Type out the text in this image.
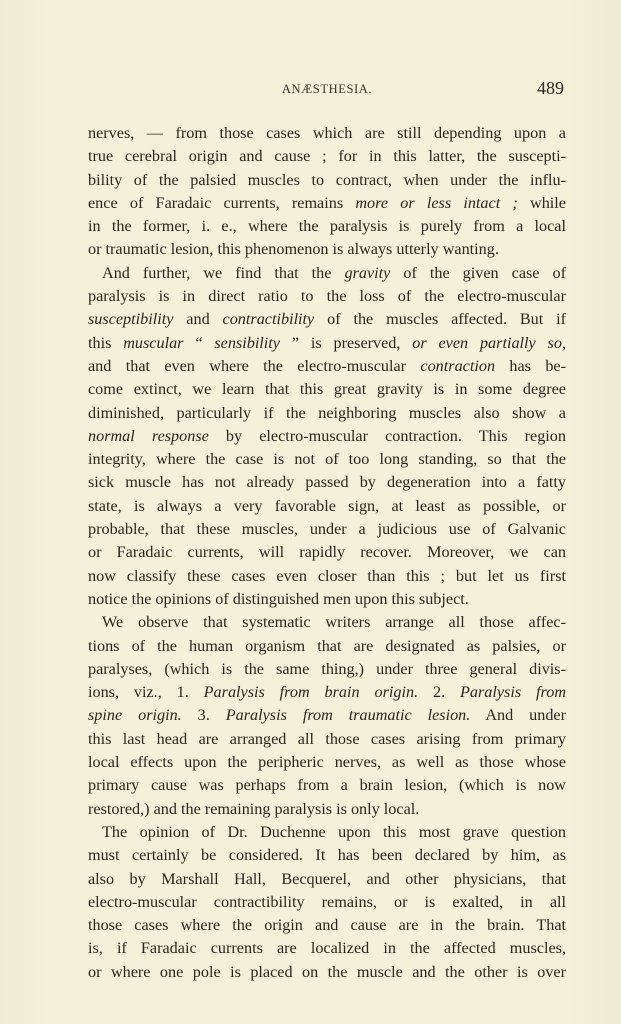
ANÆSTHESIA.	489
nerves, — from those cases which are still depending upon a
true cerebral origin and cause ; for in this latter, the suscepti-
bility of the palsied muscles to contract, when under the influ-
ence of Faradaic currents, remains more or less intact ; while
in the former, i. e., where the paralysis is purely from a local
or traumatic lesion, this phenomenon is always utterly wanting.
And further, we find that the gravity of the given case of
paralysis is in direct ratio to the loss of the electro-muscular
susceptibility and contractibility of the muscles affected. But if
this muscular “ sensibility ” is preserved, or even partially so,
and that even where the electro-muscular contraction has be-
come extinct, we learn that this great gravity is in some degree
diminished, particularly if the neighboring muscles also show a
normal response by electro-muscular contraction. This region
integrity, where the case is not of too long standing, so that the
sick muscle has not already passed by degeneration into a fatty
state, is always a very favorable sign, at least as possible, or
probable, that these muscles, under a judicious use of Galvanic
or Faradaic currents, will rapidly recover. Moreover, we can
now classify these cases even closer than this ; but let us first
notice the opinions of distinguished men upon this subject.
We observe that systematic writers arrange all those affec-
tions of the human organism that are designated as palsies, or
paralyses, (which is the same thing,) under three general divis-
ions, viz., 1. Paralysis from brain origin. 2. Paralysis from
spine origin. 3. Paralysis from traumatic lesion. And under
this last head are arranged all those cases arising from primary
local effects upon the peripheric nerves, as well as those whose
primary cause was perhaps from a brain lesion, (which is now
restored,) and the remaining paralysis is only local.
The opinion of Dr. Duchenne upon this most grave question
must certainly be considered. It has been declared by him, as
also by Marshall Hall, Becquerel, and other physicians, that
electro-muscular contractibility remains, or is exalted, in all
those cases where the origin and cause are in the brain. That
is, if Faradaic currents are localized in the affected muscles,
or where one pole is placed on the muscle and the other is over
